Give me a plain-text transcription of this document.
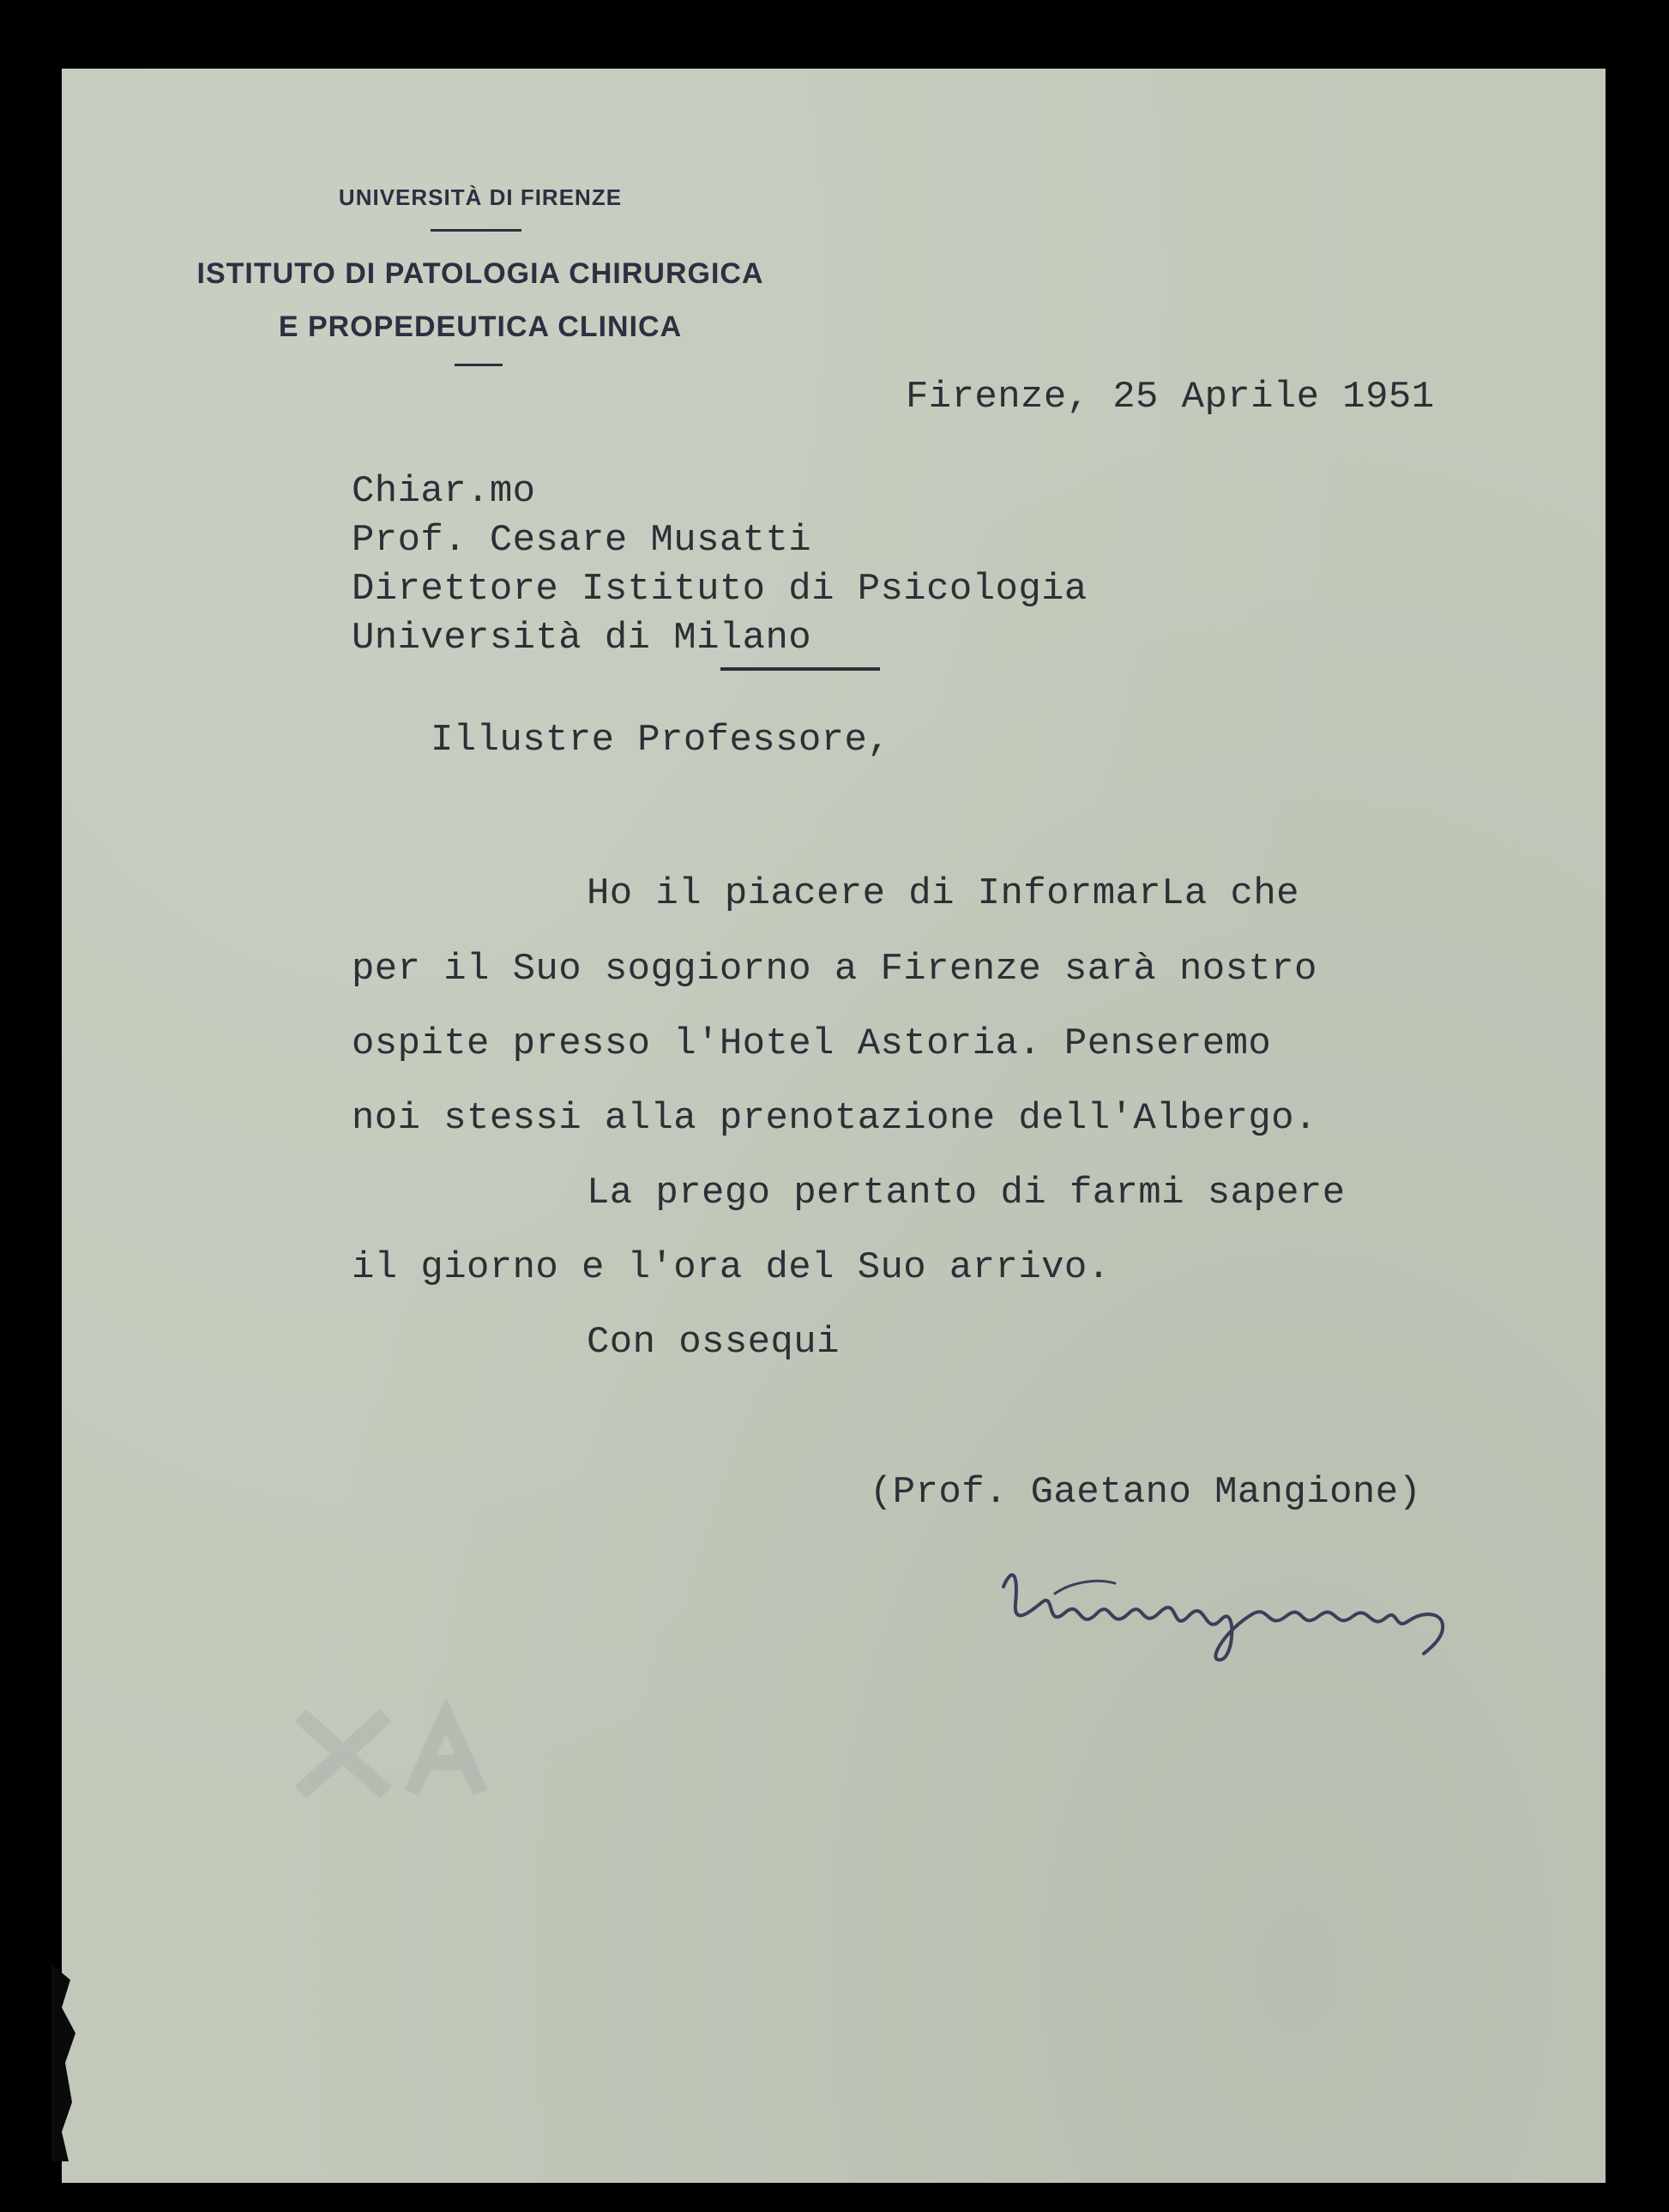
UNIVERSITÀ DI FIRENZE
ISTITUTO DI PATOLOGIA CHIRURGICA
E PROPEDEUTICA CLINICA
Firenze, 25 Aprile 1951
Chiar.mo
Prof. Cesare Musatti
Direttore Istituto di Psicologia
Università di Milano
Illustre Professore,
Ho il piacere di InformarLa che
per il Suo soggiorno a Firenze sarà nostro
ospite presso l'Hotel Astoria. Penseremo
noi stessi alla prenotazione dell'Albergo.
La prego pertanto di farmi sapere
il giorno e l'ora del Suo arrivo.
Con ossequi
(Prof. Gaetano Mangione)
